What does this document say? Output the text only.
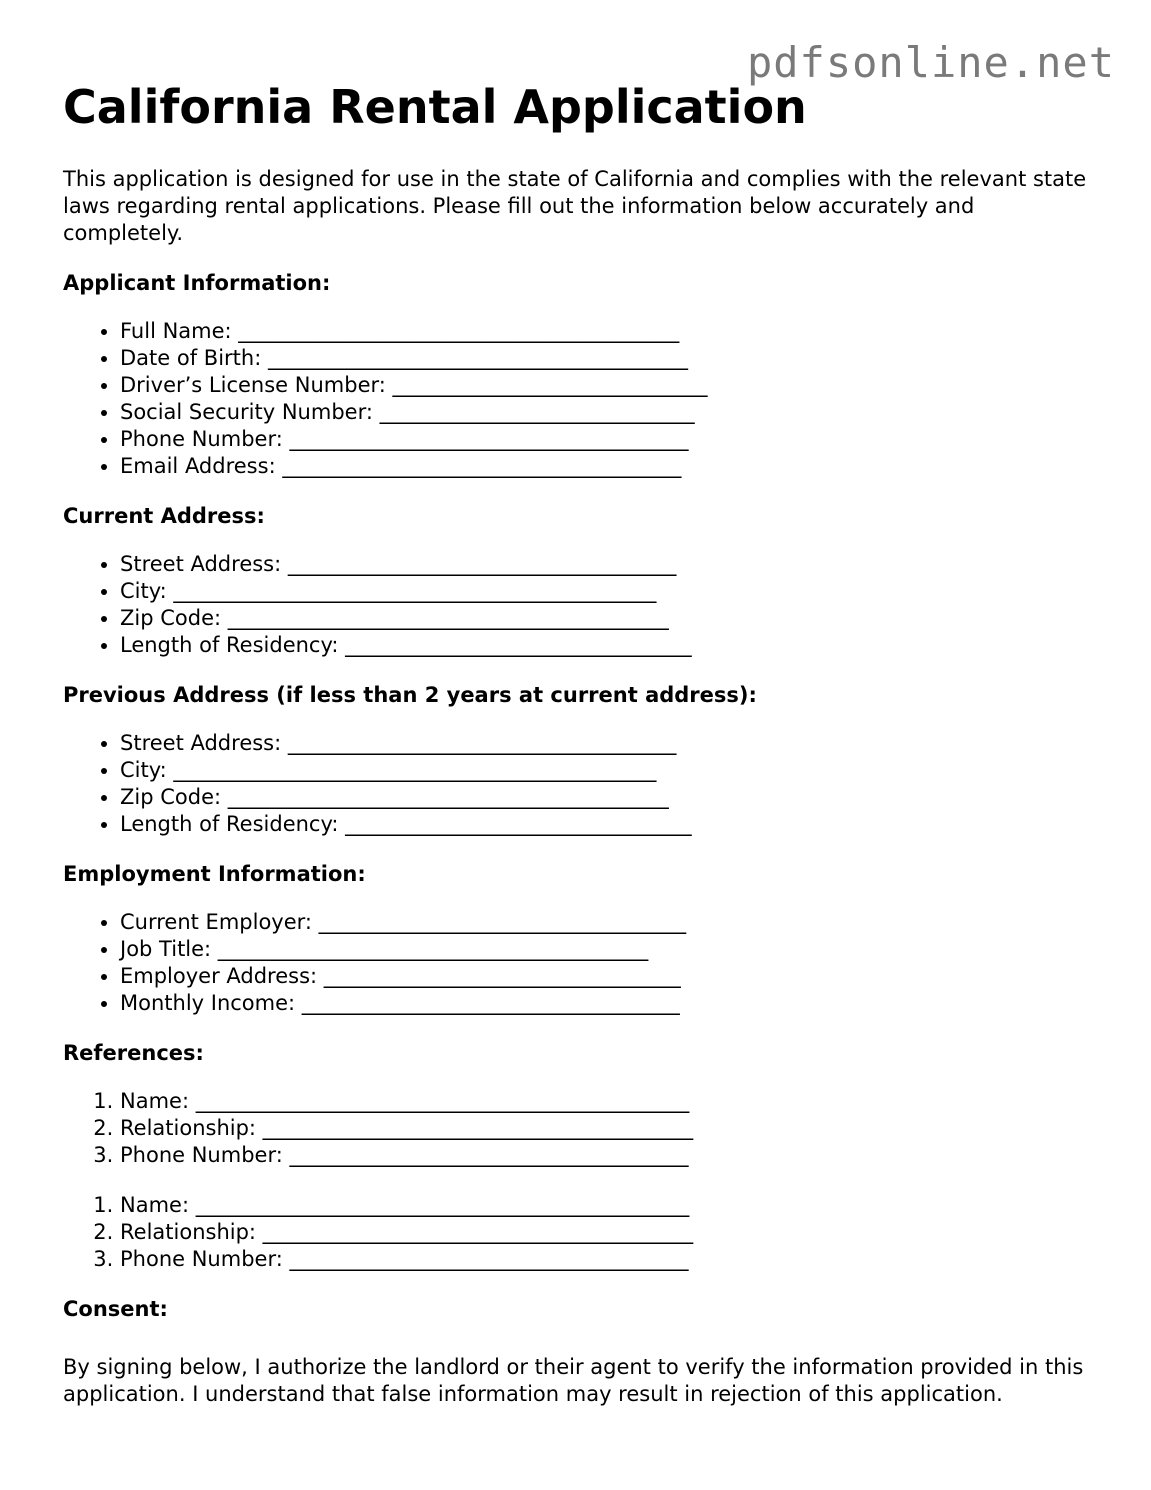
pdfsonline.net
California Rental Application

This application is designed for use in the state of California and complies with the relevant state laws regarding rental applications. Please fill out the information below accurately and completely.

Applicant Information:
• Full Name: __________________________________________
• Date of Birth: ________________________________________
• Driver’s License Number: ______________________________
• Social Security Number: ______________________________
• Phone Number: ______________________________________
• Email Address: ______________________________________
Current Address:
• Street Address: _____________________________________
• City: ______________________________________________
• Zip Code: __________________________________________
• Length of Residency: _________________________________
Previous Address (if less than 2 years at current address):
• Street Address: _____________________________________
• City: ______________________________________________
• Zip Code: __________________________________________
• Length of Residency: _________________________________
Employment Information:
• Current Employer: ___________________________________
• Job Title: _________________________________________
• Employer Address: __________________________________
• Monthly Income: ____________________________________
References:
1. Name: _______________________________________________
2. Relationship: _________________________________________
3. Phone Number: ______________________________________
1. Name: _______________________________________________
2. Relationship: _________________________________________
3. Phone Number: ______________________________________
Consent:

By signing below, I authorize the landlord or their agent to verify the information provided in this application. I understand that false information may result in rejection of this application.
